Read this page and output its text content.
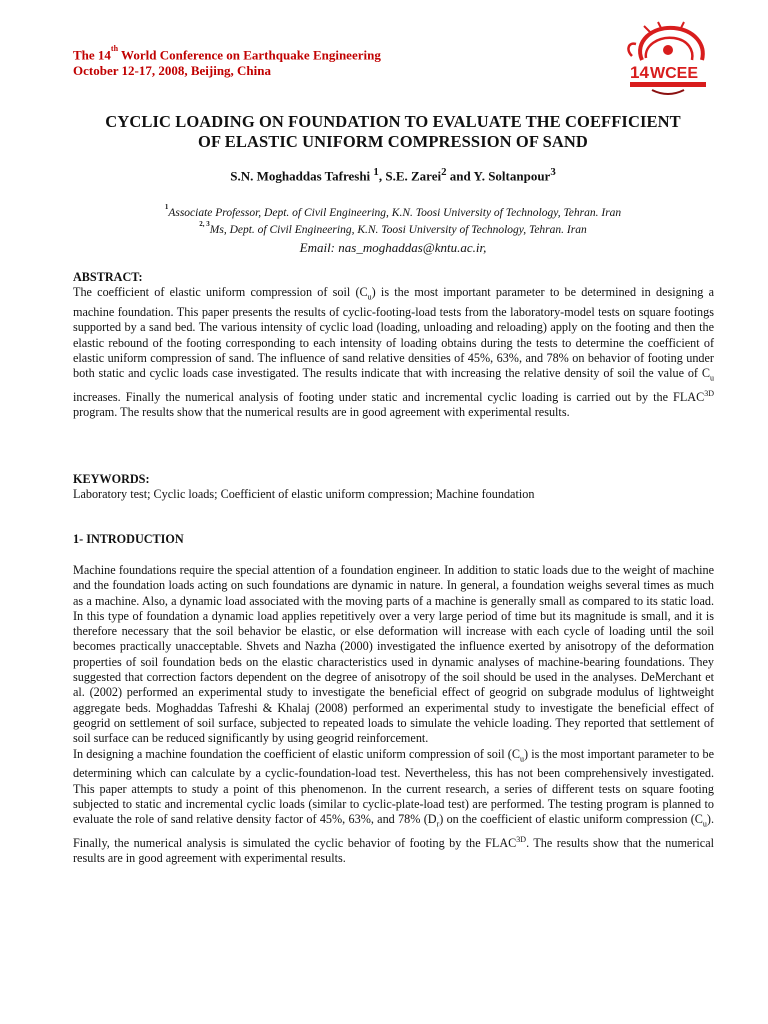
The 14th World Conference on Earthquake Engineering
October 12-17, 2008, Beijing, China	14 WCEE
CYCLIC LOADING ON FOUNDATION TO EVALUATE THE COEFFICIENT
OF ELASTIC UNIFORM COMPRESSION OF SAND
S.N. Moghaddas Tafreshi $^1$, S.E. Zarei$^2$ and Y. Soltanpour$^3$
$^1$Associate Professor, Dept. of Civil Engineering, K.N. Toosi University of Technology, Tehran. Iran
$^{2, 3}$Ms, Dept. of Civil Engineering, K.N. Toosi University of Technology, Tehran. Iran
Email: nas_moghaddas@kntu.ac.ir,
ABSTRACT:
The coefficient of elastic uniform compression of soil $(C_u)$ is the most important parameter to be determined in designing a machine foundation. This paper presents the results of cyclic-footing-load tests from the laboratory-model tests on square footings supported by a sand bed. The various intensity of cyclic load (loading, unloading and reloading) apply on the footing and then the elastic rebound of the footing corresponding to each intensity of loading obtains during the tests to determine the coefficient of elastic uniform compression of sand. The influence of sand relative densities of 45%, 63%, and 78% on behavior of footing under both static and cyclic loads case investigated. The results indicate that with increasing the relative density of soil the value of $C_u$ increases. Finally the numerical analysis of footing under static and incremental cyclic loading is carried out by the $FLAC^{3D}$ program. The results show that the numerical results are in good agreement with experimental results.
KEYWORDS:
Laboratory test; Cyclic loads; Coefficient of elastic uniform compression; Machine foundation
1- INTRODUCTION
Machine foundations require the special attention of a foundation engineer. In addition to static loads due to the weight of machine and the foundation loads acting on such foundations are dynamic in nature. In general, a foundation weighs several times as much as a machine. Also, a dynamic load associated with the moving parts of a machine is generally small as compared to its static load. In this type of foundation a dynamic load applies repetitively over a very large period of time but its magnitude is small, and it is therefore necessary that the soil behavior be elastic, or else deformation will increase with each cycle of loading until the soil becomes practically unacceptable. Shvets and Nazha (2000) investigated the influence exerted by anisotropy of the deformation properties of soil foundation beds on the elastic characteristics used in dynamic analyses of machine-bearing foundations. They suggested that correction factors dependent on the degree of anisotropy of the soil should be used in the analyses. DeMerchant et al. (2002) performed an experimental study to investigate the beneficial effect of geogrid on subgrade modulus of lightweight aggregate beds. Moghaddas Tafreshi & Khalaj (2008) performed an experimental study to investigate the beneficial effect of geogrid on settlement of soil surface, subjected to repeated loads to simulate the vehicle loading. They reported that settlement of soil surface can be reduced significantly by using geogrid reinforcement.
In designing a machine foundation the coefficient of elastic uniform compression of soil $(C_u)$ is the most important parameter to be determining which can calculate by a cyclic-foundation-load test. Nevertheless, this has not been comprehensively investigated. This paper attempts to study a point of this phenomenon. In the current research, a series of different tests on square footing subjected to static and incremental cyclic loads (similar to cyclic-plate-load test) are performed. The testing program is planned to evaluate the role of sand relative density factor of 45%, 63%, and 78% $(D_r)$ on the coefficient of elastic uniform compression $(C_u)$. Finally, the numerical analysis is simulated the cyclic behavior of footing by the $FLAC^{3D}$. The results show that the numerical results are in good agreement with experimental results.
